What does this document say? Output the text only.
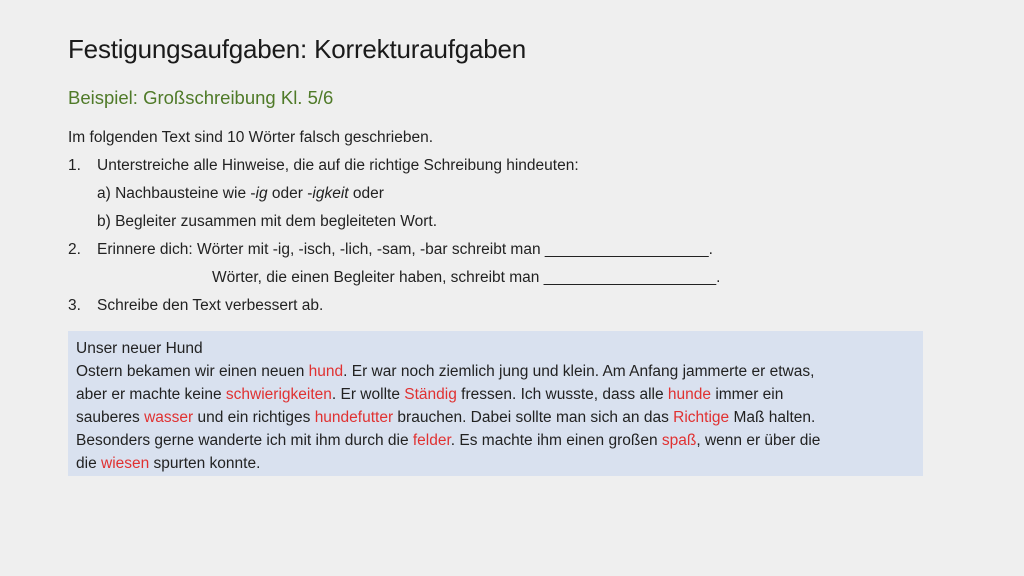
Festigungsaufgaben: Korrekturaufgaben
Beispiel: Großschreibung Kl. 5/6
Im folgenden Text sind 10 Wörter falsch geschrieben.
1. Unterstreiche alle Hinweise, die auf die richtige Schreibung hindeuten:
a) Nachbausteine wie -ig oder -igkeit oder
b) Begleiter zusammen mit dem begleiteten Wort.
2. Erinnere dich: Wörter mit -ig, -isch, -lich, -sam, -bar schreibt man ___________________.
Wörter, die einen Begleiter haben, schreibt man ____________________.
3. Schreibe den Text verbessert ab.
Unser neuer Hund
Ostern bekamen wir einen neuen hund. Er war noch ziemlich jung und klein. Am Anfang jammerte er etwas,
aber er machte keine schwierigkeiten. Er wollte Ständig fressen. Ich wusste, dass alle hunde immer ein
sauberes wasser und ein richtiges hundefutter brauchen. Dabei sollte man sich an das Richtige Maß halten.
Besonders gerne wanderte ich mit ihm durch die felder. Es machte ihm einen großen spaß, wenn er über die
die wiesen spurten konnte.
